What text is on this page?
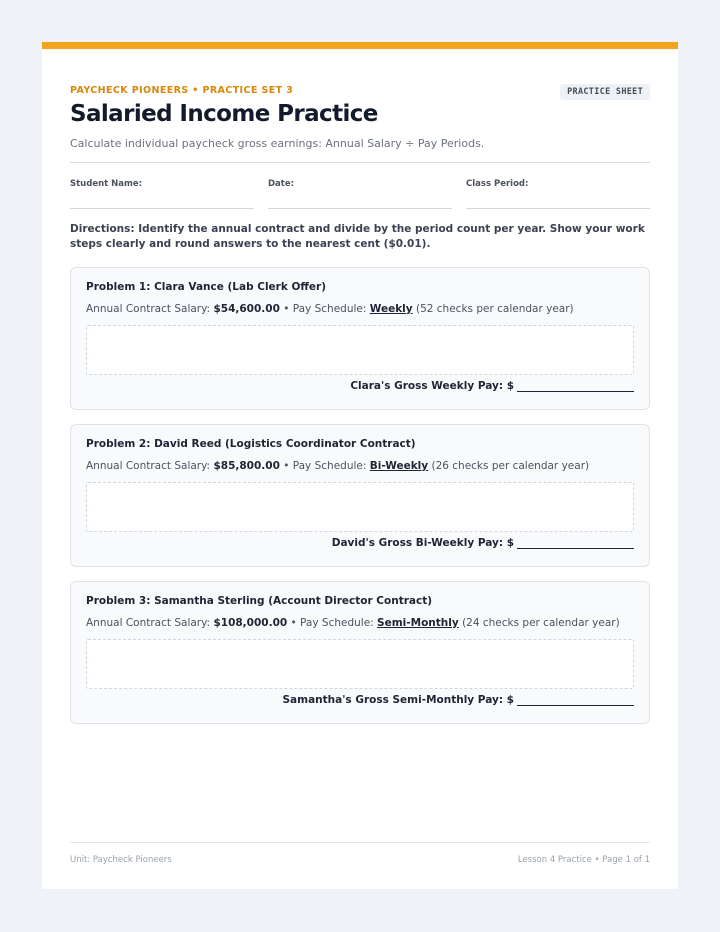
PAYCHECK PIONEERS • PRACTICE SET 3	PRACTICE SHEET
Salaried Income Practice
Calculate individual paycheck gross earnings: Annual Salary ÷ Pay Periods.
Student Name:	Date:	Class Period:
Directions: Identify the annual contract and divide by the period count per year. Show your work steps clearly and round answers to the nearest cent ($0.01).
Problem 1: Clara Vance (Lab Clerk Offer)
Annual Contract Salary: $54,600.00 • Pay Schedule: Weekly (52 checks per calendar year)
Clara's Gross Weekly Pay: $
Problem 2: David Reed (Logistics Coordinator Contract)
Annual Contract Salary: $85,800.00 • Pay Schedule: Bi-Weekly (26 checks per calendar year)
David's Gross Bi-Weekly Pay: $
Problem 3: Samantha Sterling (Account Director Contract)
Annual Contract Salary: $108,000.00 • Pay Schedule: Semi-Monthly (24 checks per calendar year)
Samantha's Gross Semi-Monthly Pay: $
Unit: Paycheck Pioneers	Lesson 4 Practice • Page 1 of 1
